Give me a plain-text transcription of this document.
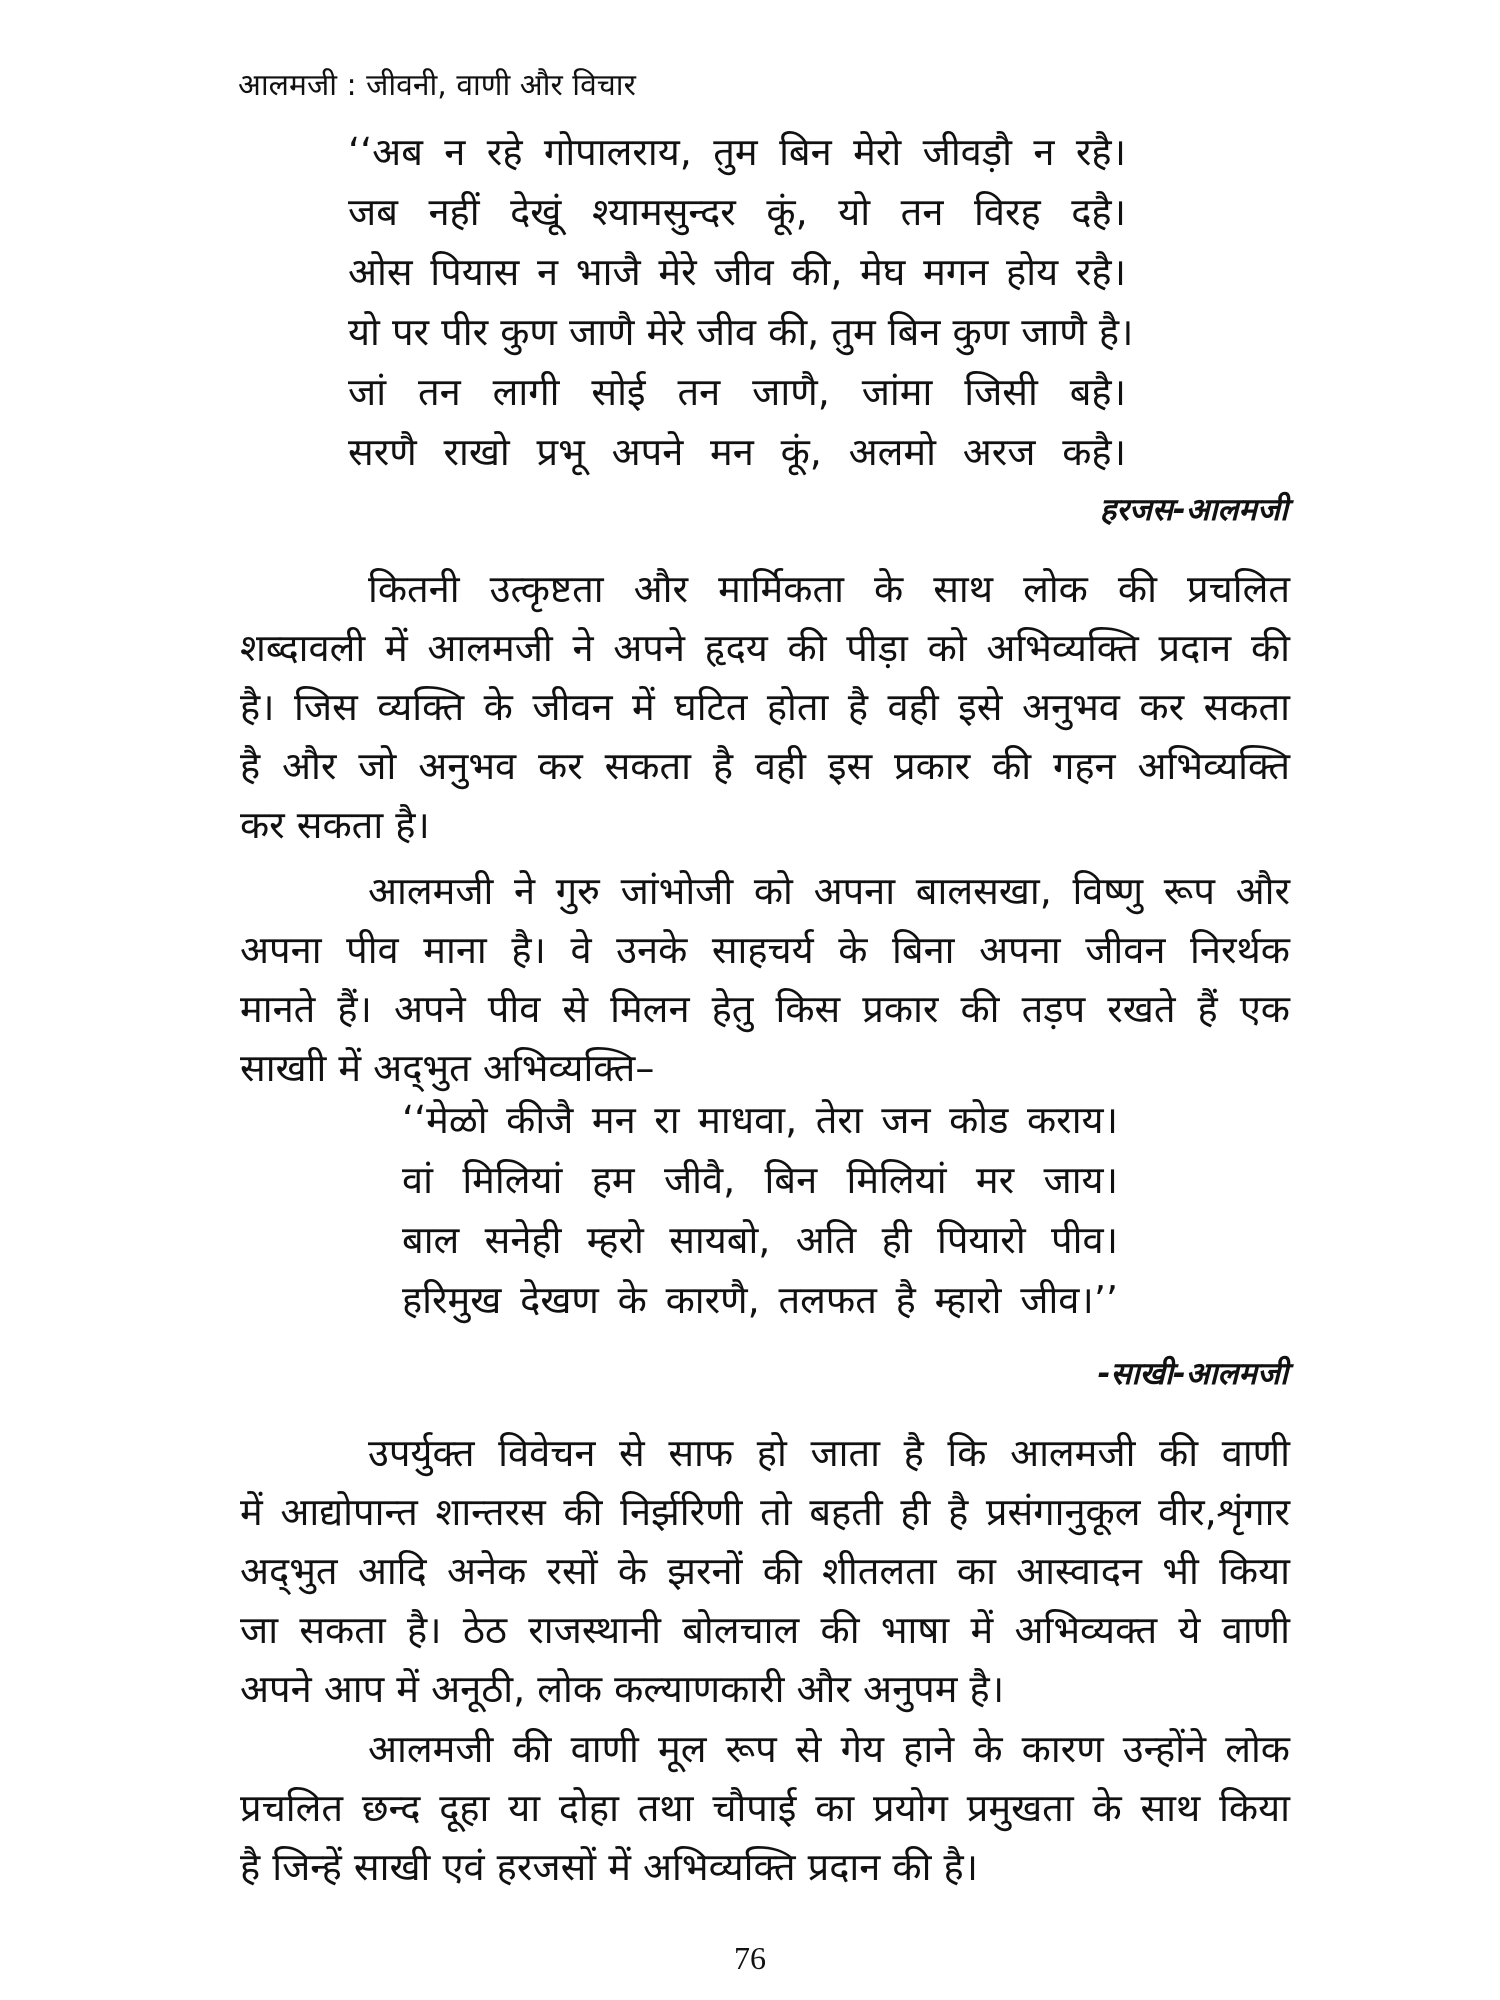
आलमजी : जीवनी, वाणी और विचार
‘‘अब न रहे गोपालराय, तुम बिन मेरो जीवड़ौ न रहै।
जब नहीं देखूं श्यामसुन्दर कूं, यो तन विरह दहै।
ओस पियास न भाजै मेरे जीव की, मेघ मगन होय रहै।
यो पर पीर कुण जाणै मेरे जीव की, तुम बिन कुण जाणै है।
जां तन लागी सोई तन जाणै, जांमा जिसी बहै।
सरणै राखो प्रभू अपने मन कूं, अलमो अरज कहै।
हरजस-आलमजी
कितनी उत्कृष्टता और मार्मिकता के साथ लोक की प्रचलित
शब्दावली में आलमजी ने अपने हृदय की पीड़ा को अभिव्यक्ति प्रदान की
है। जिस व्यक्ति के जीवन में घटित होता है वही इसे अनुभव कर सकता
है और जो अनुभव कर सकता है वही इस प्रकार की गहन अभिव्यक्ति
कर सकता है।
आलमजी ने गुरु जांभोजी को अपना बालसखा, विष्णु रूप और
अपना पीव माना है। वे उनके साहचर्य के बिना अपना जीवन निरर्थक
मानते हैं। अपने पीव से मिलन हेतु किस प्रकार की तड़प रखते हैं एक
साखाी में अद्‌भुत अभिव्यक्ति–
‘‘मेळो कीजै मन रा माधवा, तेरा जन कोड कराय।
वां मिलियां हम जीवै, बिन मिलियां मर जाय।
बाल सनेही म्हरो सायबो, अति ही पियारो पीव।
हरिमुख देखण के कारणै, तलफत है म्हारो जीव।’’
-साखी-आलमजी
उपर्युक्त विवेचन से साफ हो जाता है कि आलमजी की वाणी
में आद्योपान्त शान्तरस की निर्झरिणी तो बहती ही है प्रसंगानुकूल वीर,शृंगार
अद्‌भुत आदि अनेक रसों के झरनों की शीतलता का आस्वादन भी किया
जा सकता है। ठेठ राजस्थानी बोलचाल की भाषा में अभिव्यक्त ये वाणी
अपने आप में अनूठी, लोक कल्याणकारी और अनुपम है।
आलमजी की वाणी मूल रूप से गेय हाने के कारण उन्होंने लोक
प्रचलित छन्द दूहा या दोहा तथा चौपाई का प्रयोग प्रमुखता के साथ किया
है जिन्हें साखी एवं हरजसों में अभिव्यक्ति प्रदान की है।
76
